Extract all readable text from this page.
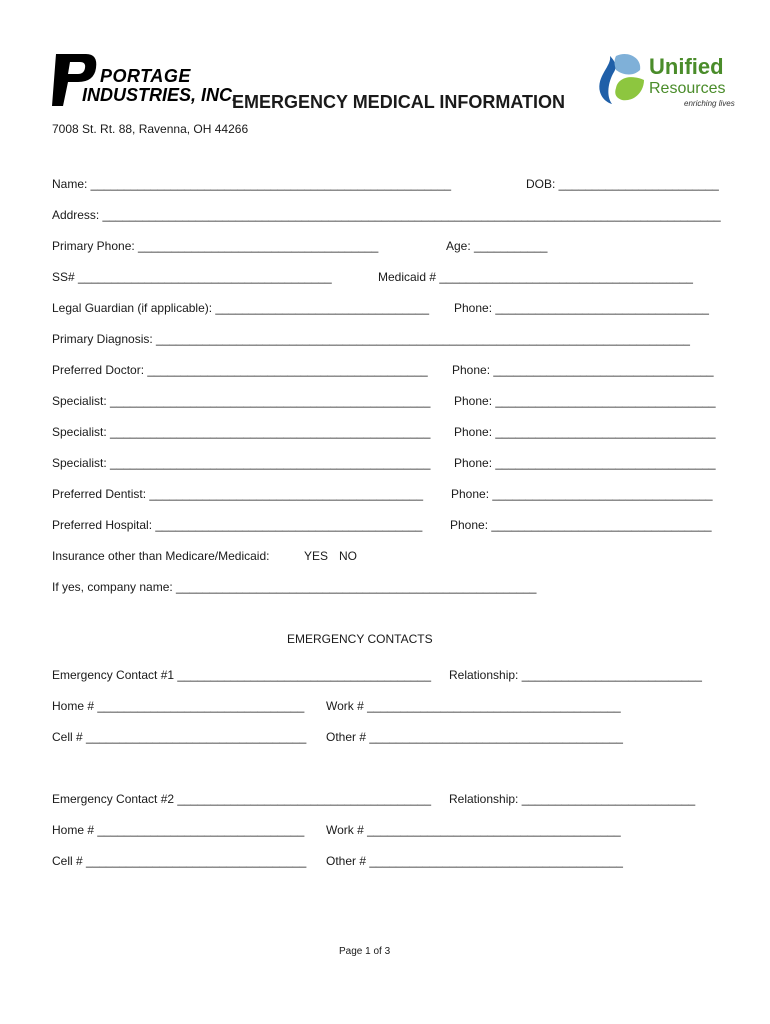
PORTAGE
INDUSTRIES, INC.
EMERGENCY MEDICAL INFORMATION
7008 St. Rt. 88, Ravenna, OH 44266
Unified
Resources
enriching lives
Name: ______________________________________________________	DOB: ________________________
Address: _____________________________________________________________________________________________
Primary Phone: ____________________________________	Age: ___________
SS# ______________________________________	Medicaid # ______________________________________
Legal Guardian (if applicable): ________________________________ Phone: ________________________________
Primary Diagnosis: ________________________________________________________________________________
Preferred Doctor: __________________________________________ Phone: _________________________________
Specialist: ________________________________________________ Phone: _________________________________
Specialist: ________________________________________________ Phone: _________________________________
Specialist: ________________________________________________ Phone: _________________________________
Preferred Dentist: _________________________________________ Phone: _________________________________
Preferred Hospital: ________________________________________ Phone: _________________________________
Insurance other than Medicare/Medicaid:	YES NO
If yes, company name: ______________________________________________________
EMERGENCY CONTACTS
Emergency Contact #1 ______________________________________ Relationship: ___________________________
Home # _______________________________ Work # ______________________________________
Cell # _________________________________ Other # ______________________________________
Emergency Contact #2 ______________________________________ Relationship: __________________________
Home # _______________________________ Work # ______________________________________
Cell # _________________________________ Other # ______________________________________
Page 1 of 3
